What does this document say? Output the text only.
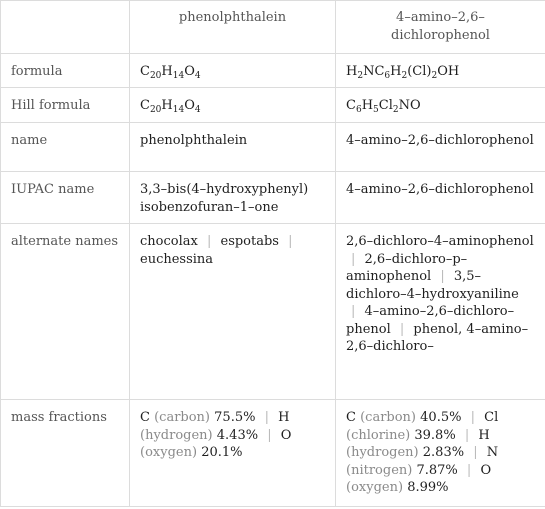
	phenolphthalein	4–amino–2,6–dichlorophenol
formula	$C_{20}H_{14}O_4$	$H_2NC_6H_2(Cl)_2OH$
Hill formula	$C_{20}H_{14}O_4$	$C_6H_5Cl_2NO$
name	phenolphthalein	4–amino–2,6–dichlorophenol
IUPAC name	3,3–bis(4–hydroxyphenyl) isobenzofuran–1–one	4–amino–2,6–dichlorophenol
alternate names	chocolax | espotabs | euchessina	2,6–dichloro–4–aminophenol | 2,6–dichloro–p–aminophenol | 3,5–dichloro–4–hydroxyaniline | 4–amino–2,6–dichloro–phenol | phenol, 4–amino–2,6–dichloro–
mass fractions	C (carbon) 75.5% | H (hydrogen) 4.43% | O (oxygen) 20.1%	C (carbon) 40.5% | Cl (chlorine) 39.8% | H (hydrogen) 2.83% | N (nitrogen) 7.87% | O (oxygen) 8.99%
